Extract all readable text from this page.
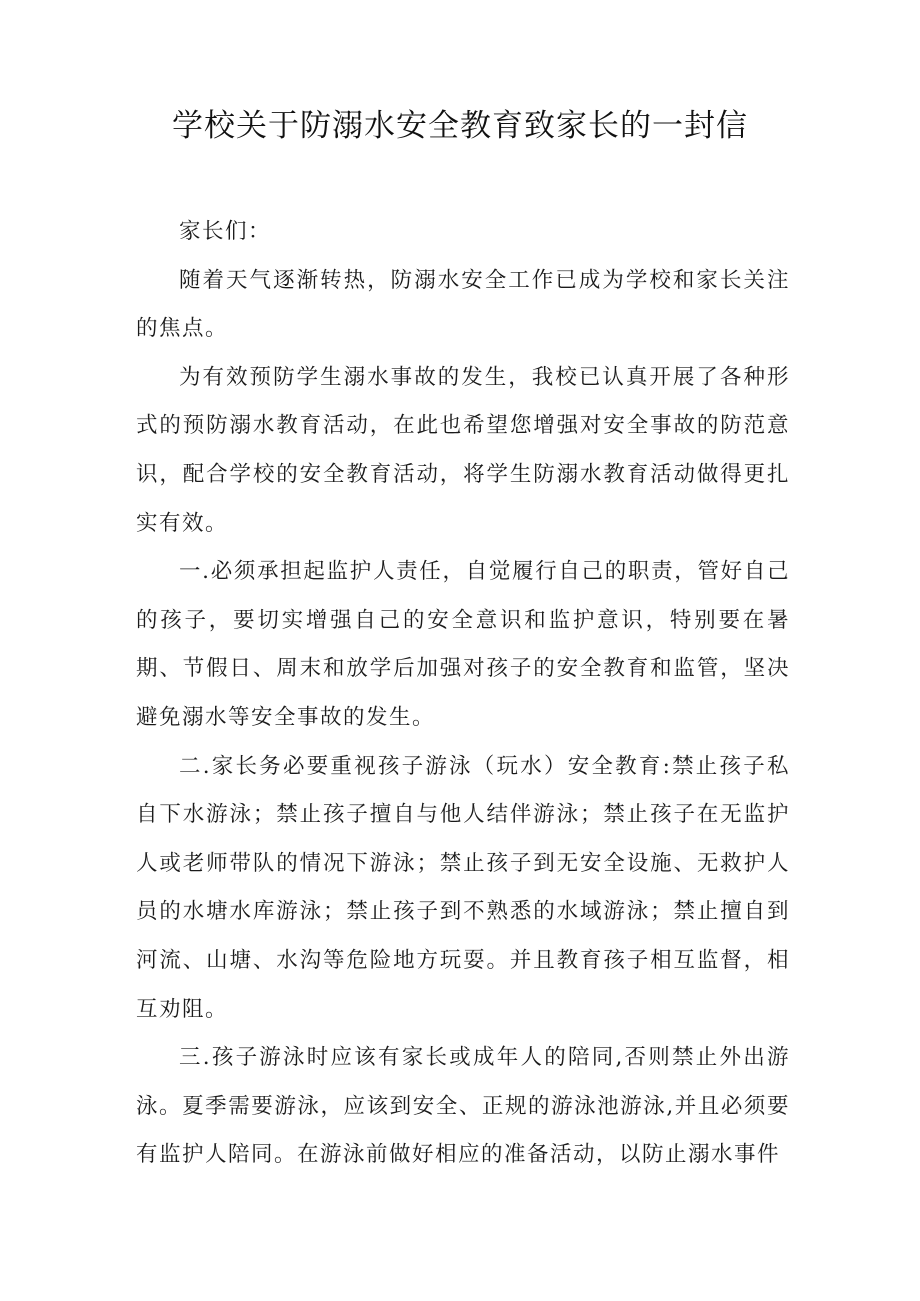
学校关于防溺水安全教育致家长的一封信

家长们：

随着天气逐渐转热，防溺水安全工作已成为学校和家长关注的焦点。

为有效预防学生溺水事故的发生，我校已认真开展了各种形式的预防溺水教育活动，在此也希望您增强对安全事故的防范意识，配合学校的安全教育活动，将学生防溺水教育活动做得更扎实有效。

一.必须承担起监护人责任，自觉履行自己的职责，管好自己的孩子，要切实增强自己的安全意识和监护意识，特别要在暑期、节假日、周末和放学后加强对孩子的安全教育和监管，坚决避免溺水等安全事故的发生。

二.家长务必要重视孩子游泳（玩水）安全教育:禁止孩子私自下水游泳；禁止孩子擅自与他人结伴游泳；禁止孩子在无监护人或老师带队的情况下游泳；禁止孩子到无安全设施、无救护人员的水塘水库游泳；禁止孩子到不熟悉的水域游泳；禁止擅自到河流、山塘、水沟等危险地方玩耍。并且教育孩子相互监督，相互劝阻。

三.孩子游泳时应该有家长或成年人的陪同,否则禁止外出游泳。夏季需要游泳，应该到安全、正规的游泳池游泳,并且必须要有监护人陪同。在游泳前做好相应的准备活动，以防止溺水事件
